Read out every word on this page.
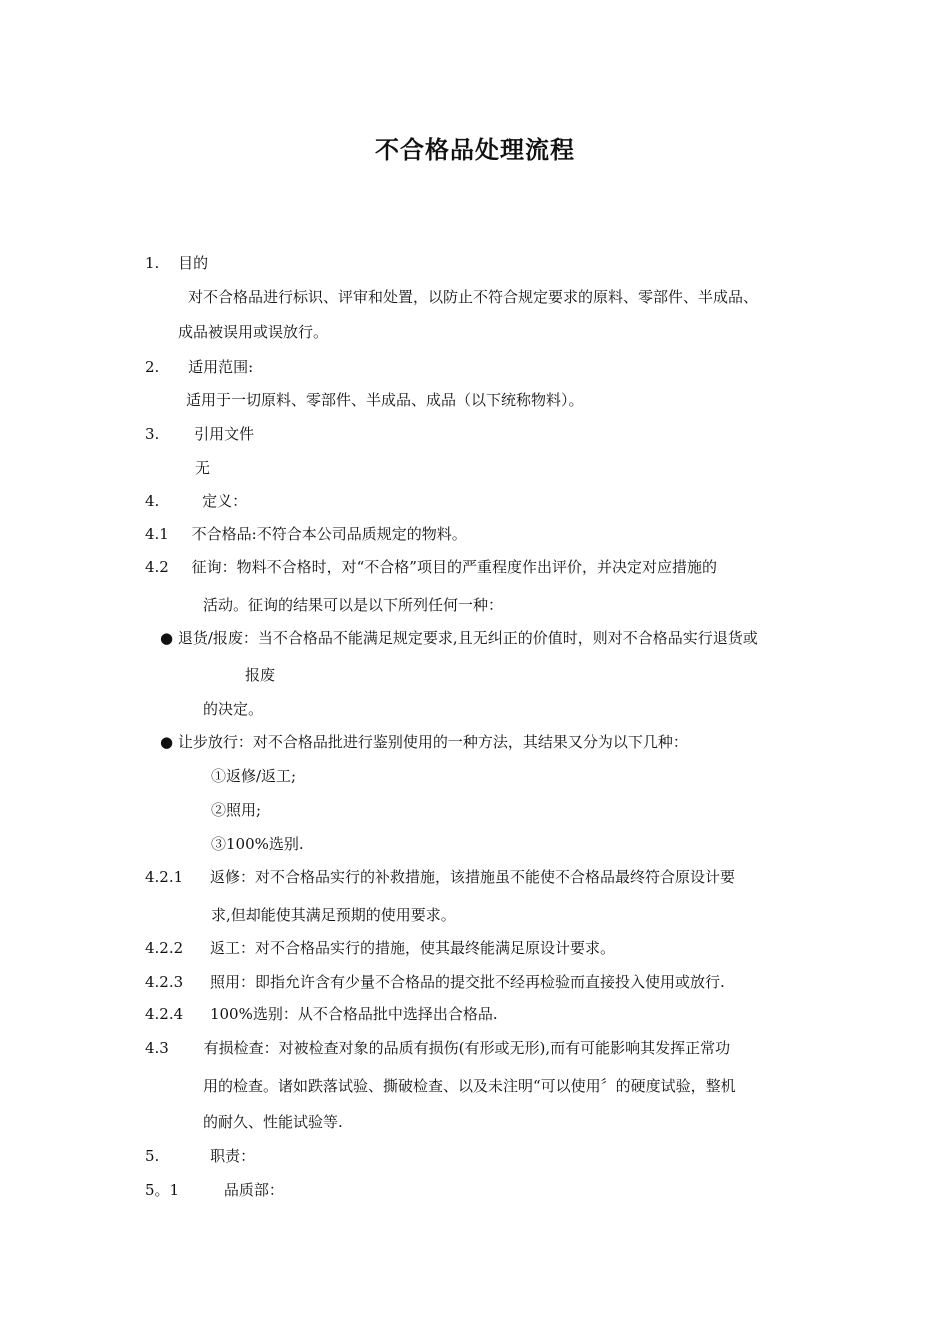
不合格品处理流程
1. 目的
对不合格品进行标识、评审和处置，以防止不符合规定要求的原料、零部件、半成品、
成品被误用或误放行。
2. 适用范围:
适用于一切原料、零部件、半成品、成品（以下统称物料）。
3. 引用文件
无
4.	定义：
4.1 不合格品:不符合本公司品质规定的物料。
4.2 征询：物料不合格时，对“不合格”项目的严重程度作出评价，并决定对应措施的
活动。征询的结果可以是以下所列任何一种：
● 退货/报废：当不合格品不能满足规定要求,且无纠正的价值时，则对不合格品实行退货或
报废
的决定。
● 让步放行：对不合格品批进行鉴别使用的一种方法，其结果又分为以下几种：
①返修/返工;
②照用;
③100%选别.
4.2.1 返修：对不合格品实行的补救措施，该措施虽不能使不合格品最终符合原设计要
求,但却能使其满足预期的使用要求。
4.2.2 返工：对不合格品实行的措施，使其最终能满足原设计要求。
4.2.3 照用：即指允许含有少量不合格品的提交批不经再检验而直接投入使用或放行.
4.2.4 100%选别：从不合格品批中选择出合格品.
4.3 有损检查：对被检查对象的品质有损伤(有形或无形),而有可能影响其发挥正常功
用的检查。诸如跌落试验、撕破检查、以及未注明“可以使用〞的硬度试验，整机
的耐久、性能试验等.
5.	职责：
5。1	品质部：
